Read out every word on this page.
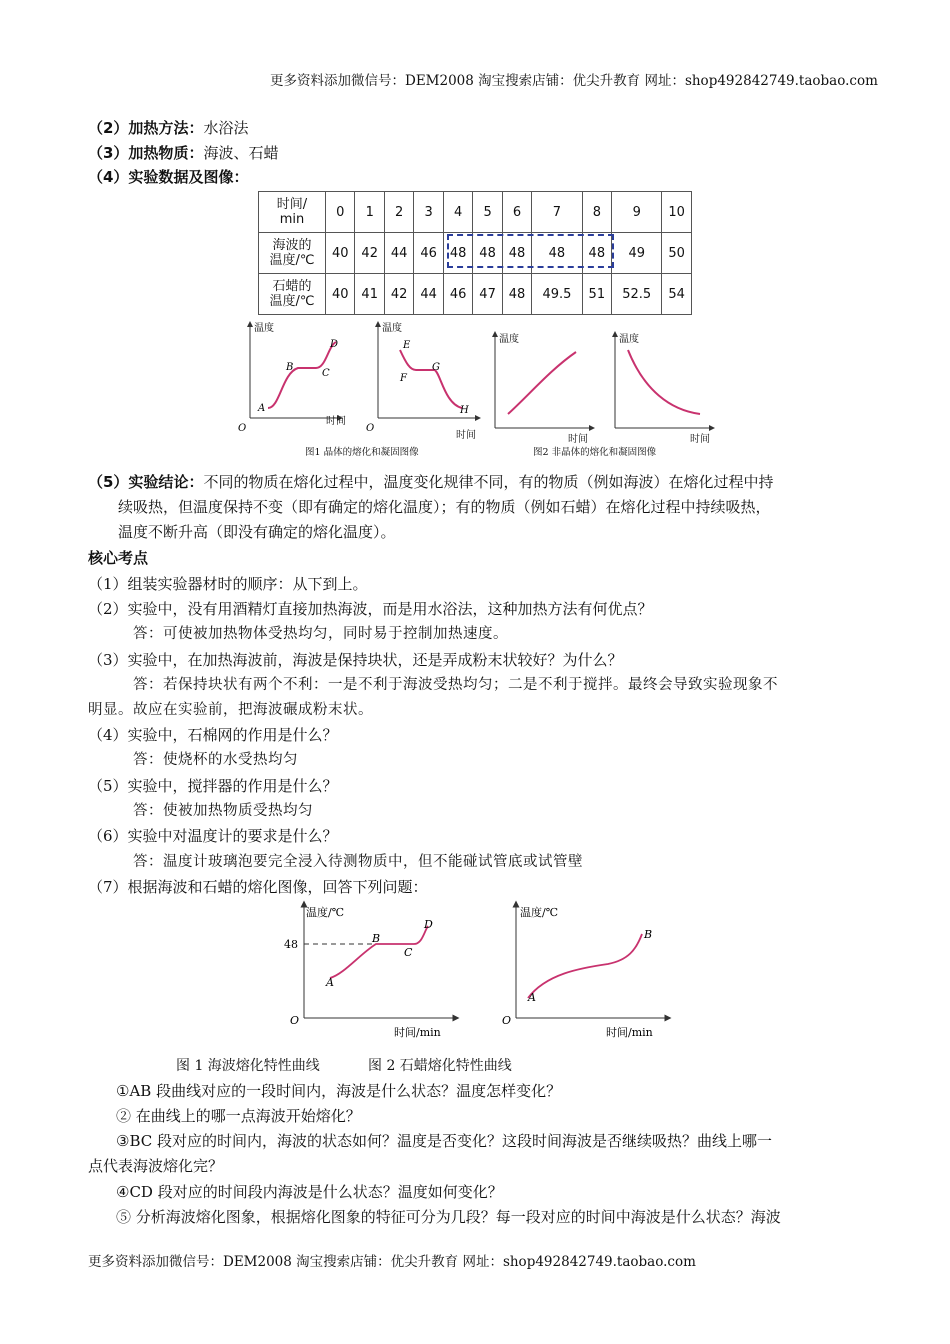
更多资料添加微信号：DEM2008 淘宝搜索店铺：优尖升教育 网址：shop492842749.taobao.com
（2）加热方法：水浴法
（3）加热物质：海波、石蜡
（4）实验数据及图像：
时间/
min	0	1	2	3	4	5	6	7	8	9	10
海波的
温度/℃	40	42	44	46	48	48	48	48	48	49	50
石蜡的
温度/℃	40	41	42	44	46	47	48	49.5	51	52.5	54
温度
O
A
B
C
D
温度
O
E
F
G
H
温度	温度
时间
时间	时间	时间
图1 晶体的熔化和凝固图像	图2 非晶体的熔化和凝固图像
（5）实验结论：不同的物质在熔化过程中，温度变化规律不同，有的物质（例如海波）在熔化过程中持
续吸热，但温度保持不变（即有确定的熔化温度）；有的物质（例如石蜡）在熔化过程中持续吸热，
温度不断升高（即没有确定的熔化温度）。
核心考点
（1）组装实验器材时的顺序：从下到上。
（2）实验中，没有用酒精灯直接加热海波，而是用水浴法，这种加热方法有何优点？
答：可使被加热物体受热均匀，同时易于控制加热速度。
（3）实验中，在加热海波前，海波是保持块状，还是弄成粉末状较好？为什么？
答：若保持块状有两个不利：一是不利于海波受热均匀；二是不利于搅拌。最终会导致实验现象不
明显。故应在实验前，把海波碾成粉末状。
（4）实验中，石棉网的作用是什么？
答：使烧杯的水受热均匀
（5）实验中，搅拌器的作用是什么？
答：使被加热物质受热均匀
（6）实验中对温度计的要求是什么？
答：温度计玻璃泡要完全浸入待测物质中，但不能碰试管底或试管壁
（7）根据海波和石蜡的熔化图像，回答下列问题：
温度/℃
48
O
A
B
C
D
时间/min
温度/℃
O
A
B
时间/min
图 1 海波熔化特性曲线	图 2 石蜡熔化特性曲线
①AB 段曲线对应的一段时间内，海波是什么状态？温度怎样变化？
② 在曲线上的哪一点海波开始熔化？
③BC 段对应的时间内，海波的状态如何？温度是否变化？这段时间海波是否继续吸热？曲线上哪一
点代表海波熔化完？
④CD 段对应的时间段内海波是什么状态？温度如何变化？
⑤ 分析海波熔化图象，根据熔化图象的特征可分为几段？每一段对应的时间中海波是什么状态？海波
更多资料添加微信号：DEM2008 淘宝搜索店铺：优尖升教育 网址：shop492842749.taobao.com
